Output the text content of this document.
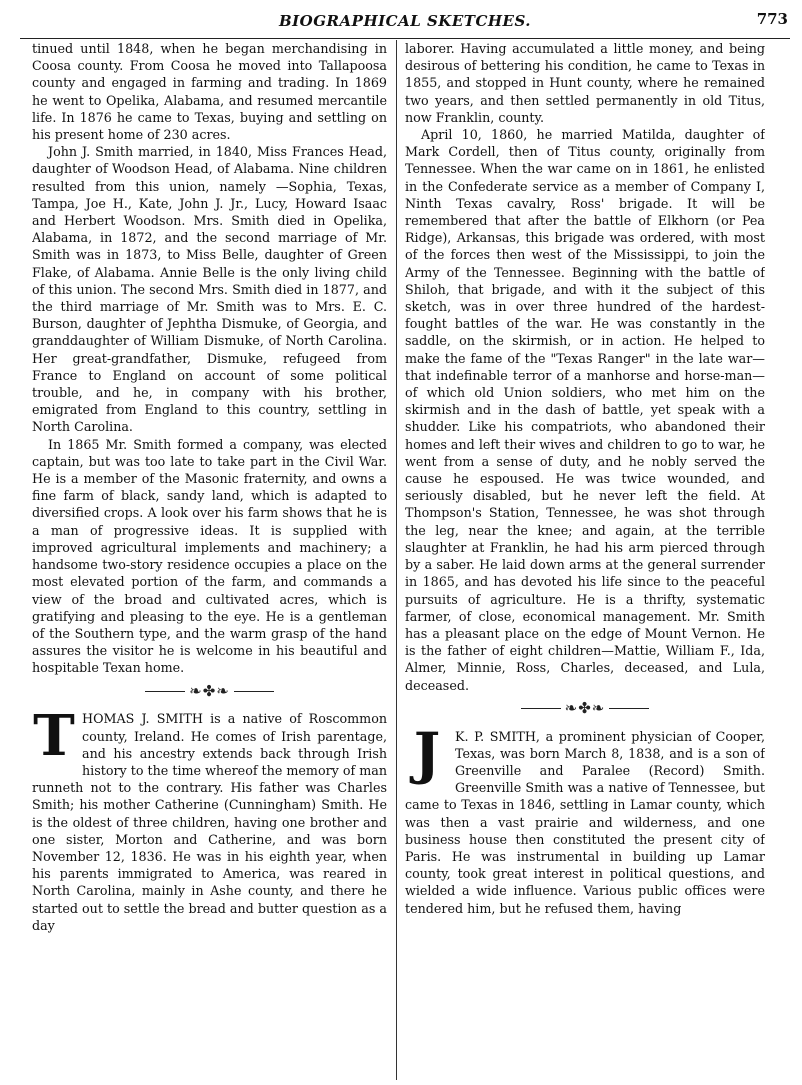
BIOGRAPHICAL SKETCHES.	773

tinued until 1848, when he began merchandising in Coosa county. From Coosa he moved into Tallapoosa county and engaged in farming and trading. In 1869 he went to Opelika, Alabama, and resumed mercantile life. In 1876 he came to Texas, buying and settling on his present home of 230 acres.

John J. Smith married, in 1840, Miss Frances Head, daughter of Woodson Head, of Alabama. Nine children resulted from this union, namely —Sophia, Texas, Tampa, Joe H., Kate, John J. Jr., Lucy, Howard Isaac and Herbert Woodson. Mrs. Smith died in Opelika, Alabama, in 1872, and the second marriage of Mr. Smith was in 1873, to Miss Belle, daughter of Green Flake, of Alabama. Annie Belle is the only living child of this union. The second Mrs. Smith died in 1877, and the third marriage of Mr. Smith was to Mrs. E. C. Burson, daughter of Jephtha Dismuke, of Georgia, and granddaughter of William Dismuke, of North Carolina. Her great-grandfather, Dismuke, refugeed from France to England on account of some political trouble, and he, in company with his brother, emigrated from England to this country, settling in North Carolina.

In 1865 Mr. Smith formed a company, was elected captain, but was too late to take part in the Civil War. He is a member of the Masonic fraternity, and owns a fine farm of black, sandy land, which is adapted to diversified crops. A look over his farm shows that he is a man of progressive ideas. It is supplied with improved agricultural implements and machinery; a handsome two-story residence occupies a place on the most elevated portion of the farm, and commands a view of the broad and cultivated acres, which is gratifying and pleasing to the eye. He is a gentleman of the Southern type, and the warm grasp of the hand assures the visitor he is welcome in his beautiful and hospitable Texan home.

❧✤❧
T HOMAS J. SMITH is a native of Roscommon county, Ireland. He comes of Irish parentage, and his ancestry extends back through Irish history to the time whereof the memory of man runneth not to the contrary. His father was Charles Smith; his mother Catherine (Cunningham) Smith. He is the oldest of three children, having one brother and one sister, Morton and Catherine, and was born November 12, 1836. He was in his eighth year, when his parents immigrated to America, was reared in North Carolina, mainly in Ashe county, and there he started out to settle the bread and butter question as a day

laborer. Having accumulated a little money, and being desirous of bettering his condition, he came to Texas in 1855, and stopped in Hunt county, where he remained two years, and then settled permanently in old Titus, now Franklin, county.

April 10, 1860, he married Matilda, daughter of Mark Cordell, then of Titus county, originally from Tennessee. When the war came on in 1861, he enlisted in the Confederate service as a member of Company I, Ninth Texas cavalry, Ross' brigade. It will be remembered that after the battle of Elkhorn (or Pea Ridge), Arkansas, this brigade was ordered, with most of the forces then west of the Mississippi, to join the Army of the Tennessee. Beginning with the battle of Shiloh, that brigade, and with it the subject of this sketch, was in over three hundred of the hardest-fought battles of the war. He was constantly in the saddle, on the skirmish, or in action. He helped to make the fame of the "Texas Ranger" in the late war—that indefinable terror of a manhorse and horse-man—of which old Union soldiers, who met him on the skirmish and in the dash of battle, yet speak with a shudder. Like his compatriots, who abandoned their homes and left their wives and children to go to war, he went from a sense of duty, and he nobly served the cause he espoused. He was twice wounded, and seriously disabled, but he never left the field. At Thompson's Station, Tennessee, he was shot through the leg, near the knee; and again, at the terrible slaughter at Franklin, he had his arm pierced through by a saber. He laid down arms at the general surrender in 1865, and has devoted his life since to the peaceful pursuits of agriculture. He is a thrifty, systematic farmer, of close, economical management. Mr. Smith has a pleasant place on the edge of Mount Vernon. He is the father of eight children—Mattie, William F., Ida, Almer, Minnie, Ross, Charles, deceased, and Lula, deceased.

❧✤❧
J	K. P. SMITH, a prominent physician of Cooper, Texas, was born March 8, 1838, and is a son of Greenville and Paralee (Record) Smith. Greenville Smith was a native of Tennessee, but came to Texas in 1846, settling in Lamar county, which was then a vast prairie and wilderness, and one business house then constituted the present city of Paris. He was instrumental in building up Lamar county, took great interest in political questions, and wielded a wide influence. Various public offices were tendered him, but he refused them, having
